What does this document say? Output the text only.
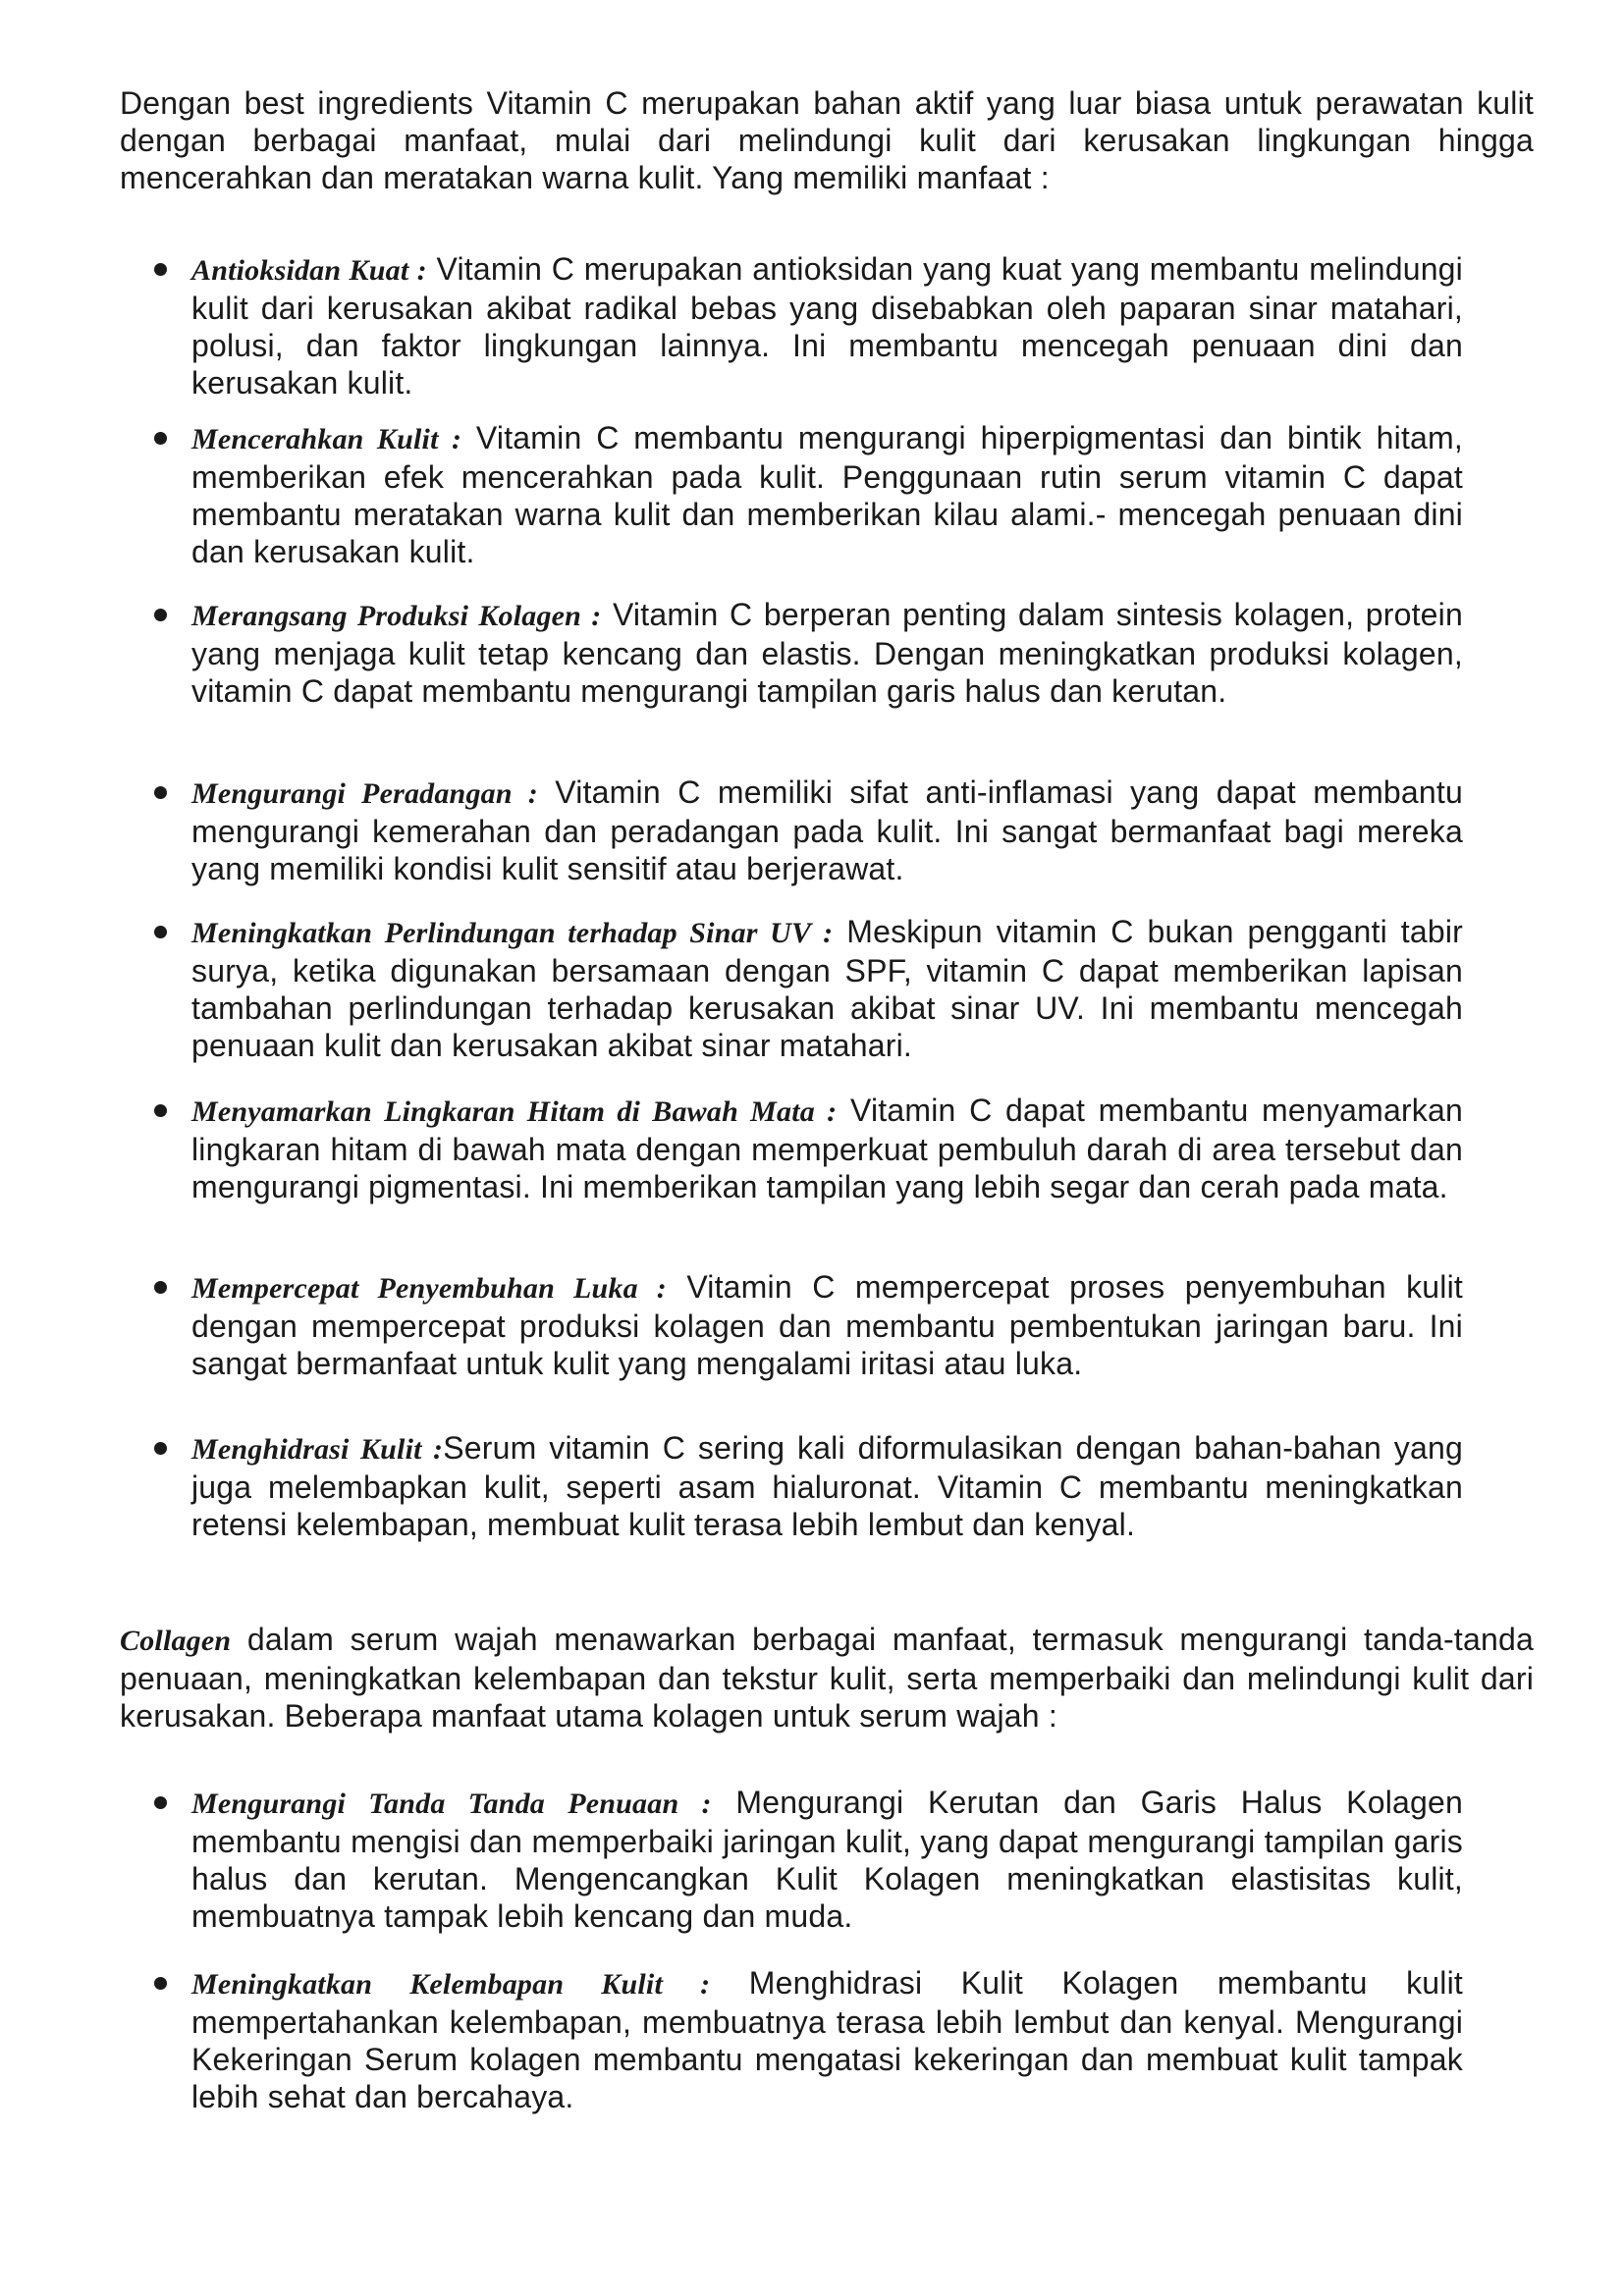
Dengan best ingredients Vitamin C merupakan bahan aktif yang luar biasa untuk perawatan kulit dengan berbagai manfaat, mulai dari melindungi kulit dari kerusakan lingkungan hingga mencerahkan dan meratakan warna kulit. Yang memiliki manfaat :

Antioksidan Kuat : Vitamin C merupakan antioksidan yang kuat yang membantu melindungi kulit dari kerusakan akibat radikal bebas yang disebabkan oleh paparan sinar matahari, polusi, dan faktor lingkungan lainnya. Ini membantu mencegah penuaan dini dan kerusakan kulit.
Mencerahkan Kulit : Vitamin C membantu mengurangi hiperpigmentasi dan bintik hitam, memberikan efek mencerahkan pada kulit. Penggunaan rutin serum vitamin C dapat membantu meratakan warna kulit dan memberikan kilau alami.- mencegah penuaan dini dan kerusakan kulit.
Merangsang Produksi Kolagen : Vitamin C berperan penting dalam sintesis kolagen, protein yang menjaga kulit tetap kencang dan elastis. Dengan meningkatkan produksi kolagen, vitamin C dapat membantu mengurangi tampilan garis halus dan kerutan.
Mengurangi Peradangan : Vitamin C memiliki sifat anti-inflamasi yang dapat membantu mengurangi kemerahan dan peradangan pada kulit. Ini sangat bermanfaat bagi mereka yang memiliki kondisi kulit sensitif atau berjerawat.
Meningkatkan Perlindungan terhadap Sinar UV : Meskipun vitamin C bukan pengganti tabir surya, ketika digunakan bersamaan dengan SPF, vitamin C dapat memberikan lapisan tambahan perlindungan terhadap kerusakan akibat sinar UV. Ini membantu mencegah penuaan kulit dan kerusakan akibat sinar matahari.
Menyamarkan Lingkaran Hitam di Bawah Mata : Vitamin C dapat membantu menyamarkan lingkaran hitam di bawah mata dengan memperkuat pembuluh darah di area tersebut dan mengurangi pigmentasi. Ini memberikan tampilan yang lebih segar dan cerah pada mata.
Mempercepat Penyembuhan Luka : Vitamin C mempercepat proses penyembuhan kulit dengan mempercepat produksi kolagen dan membantu pembentukan jaringan baru. Ini sangat bermanfaat untuk kulit yang mengalami iritasi atau luka.
Menghidrasi Kulit :Serum vitamin C sering kali diformulasikan dengan bahan-bahan yang juga melembapkan kulit, seperti asam hialuronat. Vitamin C membantu meningkatkan retensi kelembapan, membuat kulit terasa lebih lembut dan kenyal.

Collagen dalam serum wajah menawarkan berbagai manfaat, termasuk mengurangi tanda-tanda penuaan, meningkatkan kelembapan dan tekstur kulit, serta memperbaiki dan melindungi kulit dari kerusakan. Beberapa manfaat utama kolagen untuk serum wajah :

Mengurangi Tanda Tanda Penuaan : Mengurangi Kerutan dan Garis Halus Kolagen membantu mengisi dan memperbaiki jaringan kulit, yang dapat mengurangi tampilan garis halus dan kerutan. Mengencangkan Kulit Kolagen meningkatkan elastisitas kulit, membuatnya tampak lebih kencang dan muda.
Meningkatkan Kelembapan Kulit : Menghidrasi Kulit Kolagen membantu kulit mempertahankan kelembapan, membuatnya terasa lebih lembut dan kenyal. Mengurangi Kekeringan Serum kolagen membantu mengatasi kekeringan dan membuat kulit tampak lebih sehat dan bercahaya.
